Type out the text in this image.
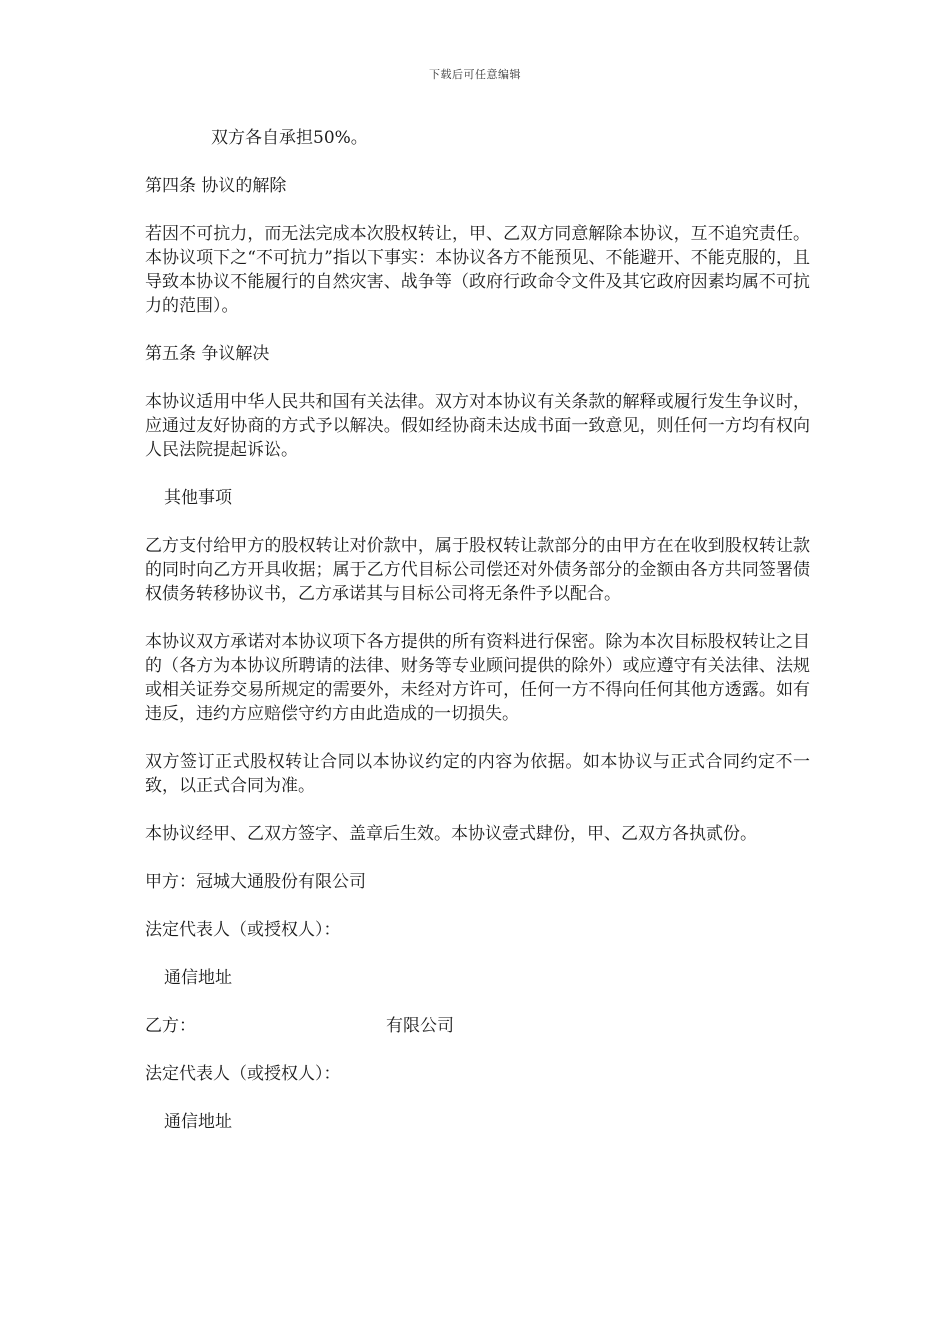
下载后可任意编辑

双方各自承担50%。

第四条 协议的解除

若因不可抗力，而无法完成本次股权转让，甲、乙双方同意解除本协议，互不追究责任。本协议项下之“不可抗力”指以下事实：本协议各方不能预见、不能避开、不能克服的，且导致本协议不能履行的自然灾害、战争等（政府行政命令文件及其它政府因素均属不可抗力的范围）。

第五条 争议解决

本协议适用中华人民共和国有关法律。双方对本协议有关条款的解释或履行发生争议时，应通过友好协商的方式予以解决。假如经协商未达成书面一致意见，则任何一方均有权向人民法院提起诉讼。

其他事项

乙方支付给甲方的股权转让对价款中，属于股权转让款部分的由甲方在在收到股权转让款的同时向乙方开具收据；属于乙方代目标公司偿还对外债务部分的金额由各方共同签署债权债务转移协议书，乙方承诺其与目标公司将无条件予以配合。

本协议双方承诺对本协议项下各方提供的所有资料进行保密。除为本次目标股权转让之目的（各方为本协议所聘请的法律、财务等专业顾问提供的除外）或应遵守有关法律、法规或相关证券交易所规定的需要外，未经对方许可，任何一方不得向任何其他方透露。如有违反，违约方应赔偿守约方由此造成的一切损失。

双方签订正式股权转让合同以本协议约定的内容为依据。如本协议与正式合同约定不一致，以正式合同为准。

本协议经甲、乙双方签字、盖章后生效。本协议壹式肆份，甲、乙双方各执贰份。

甲方：冠城大通股份有限公司

法定代表人（或授权人）：

通信地址

乙方：	有限公司

法定代表人（或授权人）：

通信地址
